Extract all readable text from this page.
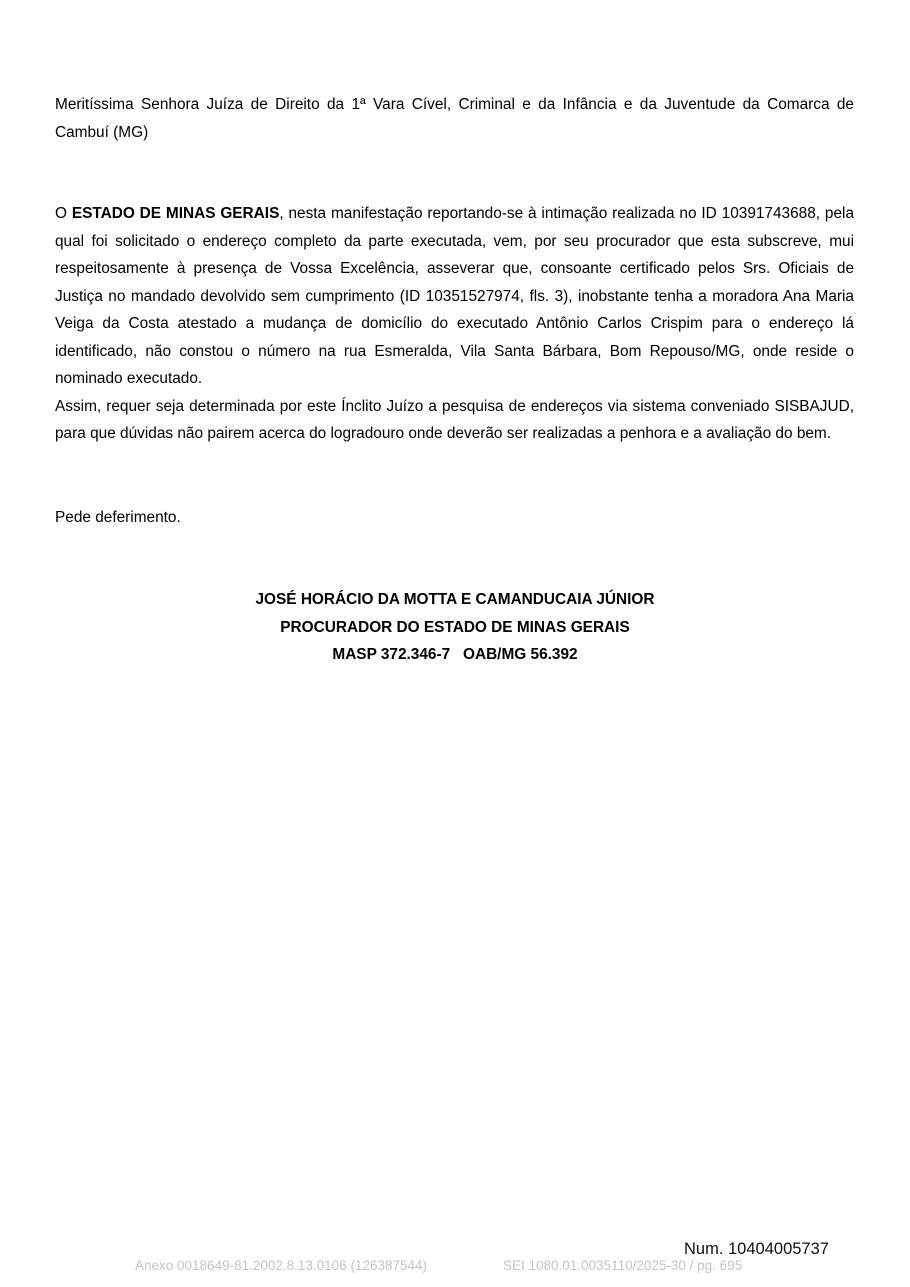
Meritíssima Senhora Juíza de Direito da 1ª Vara Cível, Criminal e da Infância e da Juventude da Comarca de Cambuí (MG)

O ESTADO DE MINAS GERAIS, nesta manifestação reportando-se à intimação realizada no ID 10391743688, pela qual foi solicitado o endereço completo da parte executada, vem, por seu procurador que esta subscreve, mui respeitosamente à presença de Vossa Excelência, asseverar que, consoante certificado pelos Srs. Oficiais de Justiça no mandado devolvido sem cumprimento (ID 10351527974, fls. 3), inobstante tenha a moradora Ana Maria Veiga da Costa atestado a mudança de domicílio do executado Antônio Carlos Crispim para o endereço lá identificado, não constou o número na rua Esmeralda, Vila Santa Bárbara, Bom Repouso/MG, onde reside o nominado executado.

Assim, requer seja determinada por este Ínclito Juízo a pesquisa de endereços via sistema conveniado SISBAJUD, para que dúvidas não pairem acerca do logradouro onde deverão ser realizadas a penhora e a avaliação do bem.

Pede deferimento.
JOSÉ HORÁCIO DA MOTTA E CAMANDUCAIA JÚNIOR
PROCURADOR DO ESTADO DE MINAS GERAIS
MASP 372.346-7   OAB/MG 56.392
Num. 10404005737
Anexo 0018649-81.2002.8.13.0106 (126387544)	SEI 1080.01.0035110/2025-30 / pg. 695
